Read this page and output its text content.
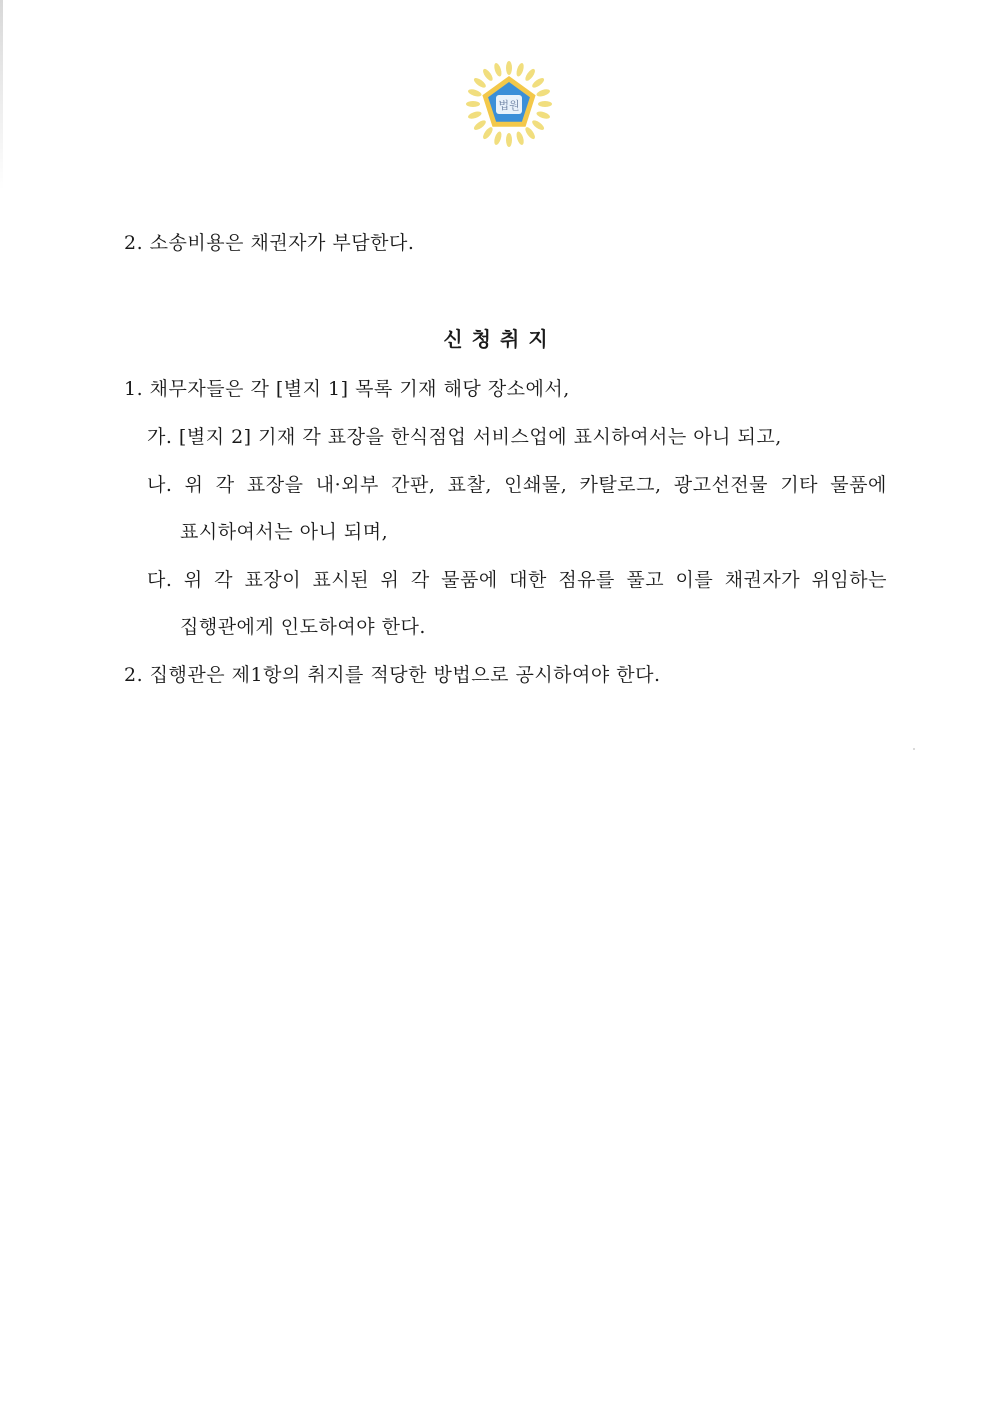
법원
2. 소송비용은 채권자가 부담한다.
신청취지
1. 채무자들은 각 [별지 1] 목록 기재 해당 장소에서,
가. [별지 2] 기재 각 표장을 한식점업 서비스업에 표시하여서는 아니 되고,
나. 위 각 표장을 내·외부 간판, 표찰, 인쇄물, 카탈로그, 광고선전물 기타 물품에
표시하여서는 아니 되며,
다. 위 각 표장이 표시된 위 각 물품에 대한 점유를 풀고 이를 채권자가 위임하는
집행관에게 인도하여야 한다.
2. 집행관은 제1항의 취지를 적당한 방법으로 공시하여야 한다.
